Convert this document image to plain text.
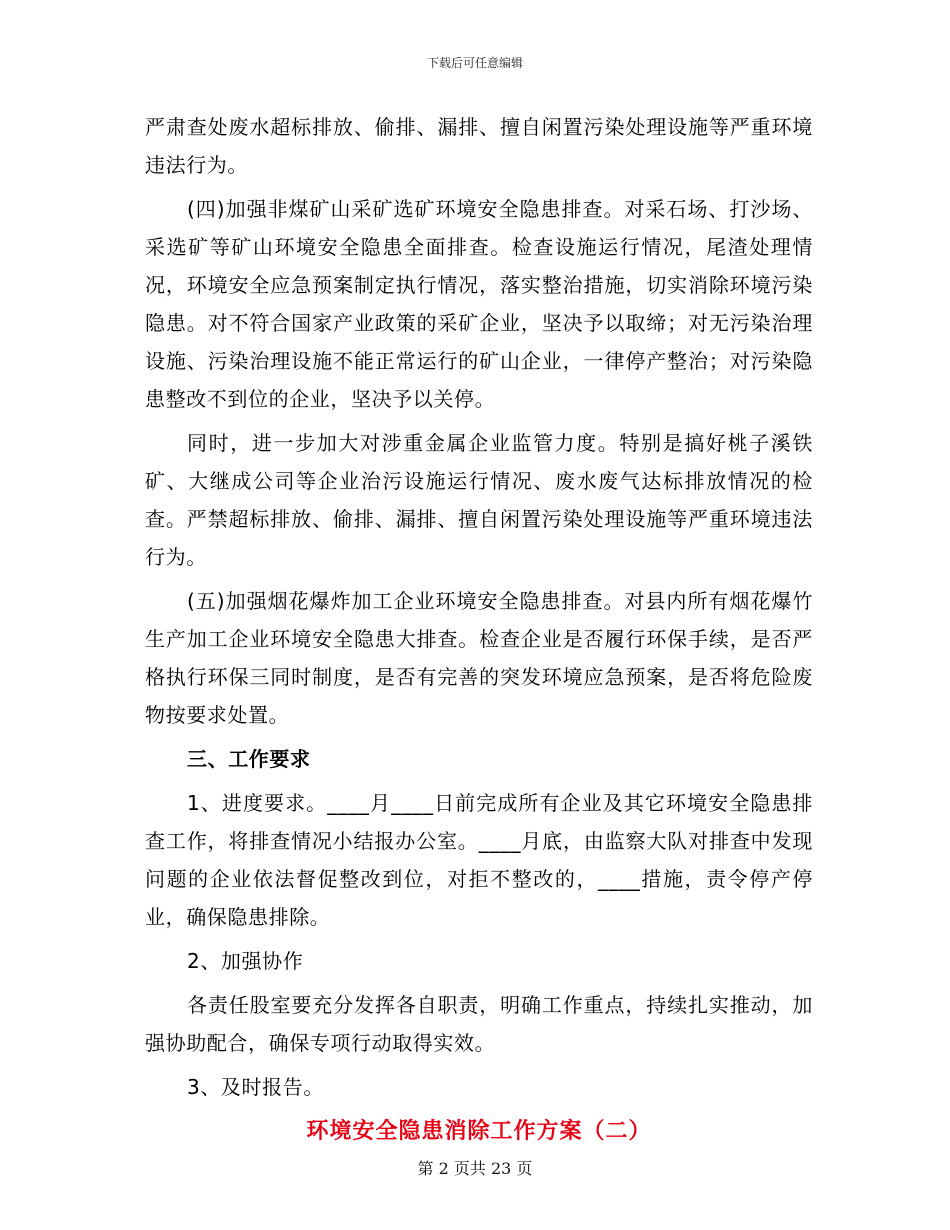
下载后可任意编辑

严肃查处废水超标排放、偷排、漏排、擅自闲置污染处理设施等严重环境违法行为。

(四)加强非煤矿山采矿选矿环境安全隐患排查。对采石场、打沙场、采选矿等矿山环境安全隐患全面排查。检查设施运行情况，尾渣处理情况，环境安全应急预案制定执行情况，落实整治措施，切实消除环境污染隐患。对不符合国家产业政策的采矿企业，坚决予以取缔；对无污染治理设施、污染治理设施不能正常运行的矿山企业，一律停产整治；对污染隐患整改不到位的企业，坚决予以关停。

同时，进一步加大对涉重金属企业监管力度。特别是搞好桃子溪铁矿、大继成公司等企业治污设施运行情况、废水废气达标排放情况的检查。严禁超标排放、偷排、漏排、擅自闲置污染处理设施等严重环境违法行为。

(五)加强烟花爆炸加工企业环境安全隐患排查。对县内所有烟花爆竹生产加工企业环境安全隐患大排查。检查企业是否履行环保手续，是否严格执行环保三同时制度，是否有完善的突发环境应急预案，是否将危险废物按要求处置。

三、工作要求

1、进度要求。____月____日前完成所有企业及其它环境安全隐患排查工作，将排查情况小结报办公室。____月底，由监察大队对排查中发现问题的企业依法督促整改到位，对拒不整改的，____措施，责令停产停业，确保隐患排除。

2、加强协作

各责任股室要充分发挥各自职责，明确工作重点，持续扎实推动，加强协助配合，确保专项行动取得实效。

3、及时报告。

环境安全隐患消除工作方案（二）

第 2 页共 23 页
